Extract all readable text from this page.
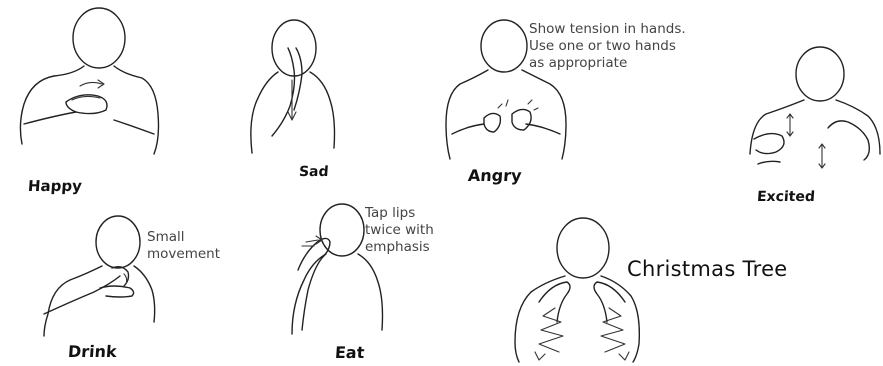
Happy
Sad
Show tension in hands.
Use one or two hands
as appropriate
Angry
Excited
Small
movement
Drink
Tap lips
twice with
emphasis
Eat
Christmas Tree
